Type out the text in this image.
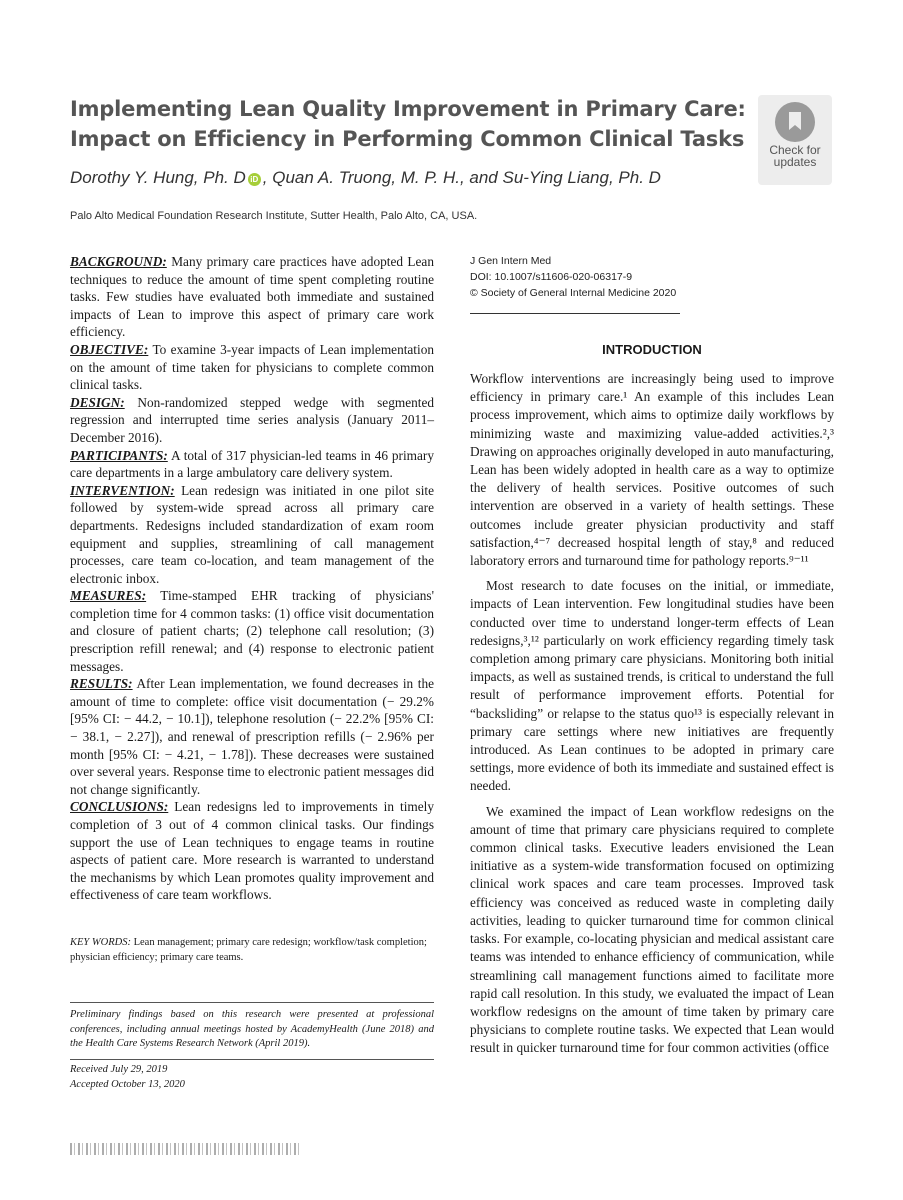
Implementing Lean Quality Improvement in Primary Care: Impact on Efficiency in Performing Common Clinical Tasks
Dorothy Y. Hung, Ph. D iD , Quan A. Truong, M. P. H., and Su-Ying Liang, Ph. D
Palo Alto Medical Foundation Research Institute, Sutter Health, Palo Alto, CA, USA.
Check for
updates

BACKGROUND: Many primary care practices have adopted Lean techniques to reduce the amount of time spent completing routine tasks. Few studies have evaluated both immediate and sustained impacts of Lean to improve this aspect of primary care work efficiency.

OBJECTIVE: To examine 3-year impacts of Lean implementation on the amount of time taken for physicians to complete common clinical tasks.

DESIGN: Non-randomized stepped wedge with segmented regression and interrupted time series analysis (January 2011–December 2016).

PARTICIPANTS: A total of 317 physician-led teams in 46 primary care departments in a large ambulatory care delivery system.

INTERVENTION: Lean redesign was initiated in one pilot site followed by system-wide spread across all primary care departments. Redesigns included standardization of exam room equipment and supplies, streamlining of call management processes, care team co-location, and team management of the electronic inbox.

MEASURES: Time-stamped EHR tracking of physicians' completion time for 4 common tasks: (1) office visit documentation and closure of patient charts; (2) telephone call resolution; (3) prescription refill renewal; and (4) response to electronic patient messages.

RESULTS: After Lean implementation, we found decreases in the amount of time to complete: office visit documentation (− 29.2% [95% CI: − 44.2, − 10.1]), telephone resolution (− 22.2% [95% CI: − 38.1, − 2.27]), and renewal of prescription refills (− 2.96% per month [95% CI: − 4.21, − 1.78]). These decreases were sustained over several years. Response time to electronic patient messages did not change significantly.

CONCLUSIONS: Lean redesigns led to improvements in timely completion of 3 out of 4 common clinical tasks. Our findings support the use of Lean techniques to engage teams in routine aspects of patient care. More research is warranted to understand the mechanisms by which Lean promotes quality improvement and effectiveness of care team workflows.

KEY WORDS: Lean management; primary care redesign; workflow/task completion; physician efficiency; primary care teams.
Preliminary findings based on this research were presented at professional conferences, including annual meetings hosted by AcademyHealth (June 2018) and the Health Care Systems Research Network (April 2019).
Received July 29, 2019
Accepted October 13, 2020
J Gen Intern Med
DOI: 10.1007/s11606-020-06317-9
© Society of General Internal Medicine 2020
INTRODUCTION

Workflow interventions are increasingly being used to improve efficiency in primary care.¹ An example of this includes Lean process improvement, which aims to optimize daily workflows by minimizing waste and maximizing value-added activities.²,³ Drawing on approaches originally developed in auto manufacturing, Lean has been widely adopted in health care as a way to optimize the delivery of health services. Positive outcomes of such intervention are observed in a variety of health settings. These outcomes include greater physician productivity and staff satisfaction,⁴⁻⁷ decreased hospital length of stay,⁸ and reduced laboratory errors and turnaround time for pathology reports.⁹⁻¹¹

Most research to date focuses on the initial, or immediate, impacts of Lean intervention. Few longitudinal studies have been conducted over time to understand longer-term effects of Lean redesigns,³,¹² particularly on work efficiency regarding timely task completion among primary care physicians. Monitoring both initial impacts, as well as sustained trends, is critical to understand the full result of performance improvement efforts. Potential for “backsliding” or relapse to the status quo¹³ is especially relevant in primary care settings where new initiatives are frequently introduced. As Lean continues to be adopted in primary care settings, more evidence of both its immediate and sustained effect is needed.

We examined the impact of Lean workflow redesigns on the amount of time that primary care physicians required to complete common clinical tasks. Executive leaders envisioned the Lean initiative as a system-wide transformation focused on optimizing clinical work spaces and care team processes. Improved task efficiency was conceived as reduced waste in completing daily activities, leading to quicker turnaround time for common clinical tasks. For example, co-locating physician and medical assistant care teams was intended to enhance efficiency of communication, while streamlining call management functions aimed to facilitate more rapid call resolution. In this study, we evaluated the impact of Lean workflow redesigns on the amount of time taken by primary care physicians to complete routine tasks. We expected that Lean would result in quicker turnaround time for four common activities (office
